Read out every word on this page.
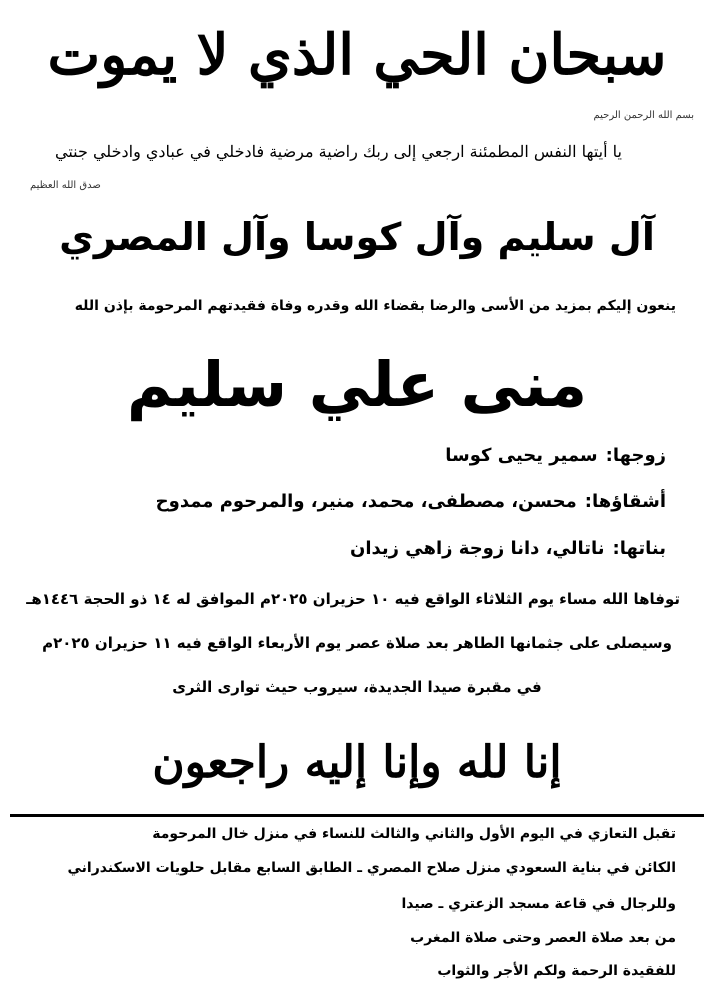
سبحان الحي الذي لا يموت
بسم الله الرحمن الرحيم
يا أيتها النفس المطمئنة ارجعي إلى ربك راضية مرضية فادخلي في عبادي وادخلي جنتي
صدق الله العظيم
آل سليم وآل كوسا وآل المصري
ينعون إليكم بمزيد من الأسى والرضا بقضاء الله وقدره وفاة فقيدتهم المرحومة بإذن الله
منى علي سليم
زوجها:سمير يحيى كوسا
أشقاؤها:محسن، مصطفى، محمد، منير، والمرحوم ممدوح
بناتها:ناتالي، دانا زوجة زاهي زيدان
توفاها الله مساء يوم الثلاثاء الواقع فيه ١٠ حزيران ٢٠٢٥م الموافق له ١٤ ذو الحجة ١٤٤٦هـ
وسيصلى على جثمانها الطاهر بعد صلاة عصر يوم الأربعاء الواقع فيه ١١ حزيران ٢٠٢٥م
في مقبرة صيدا الجديدة، سيروب حيث توارى الثرى
إنا لله وإنا إليه راجعون
تقبل التعازي في اليوم الأول والثاني والثالث للنساء في منزل خال المرحومة
الكائن في بناية السعودي منزل صلاح المصري ـ الطابق السابع مقابل حلويات الاسكندراني
وللرجال في قاعة مسجد الزعتري ـ صيدا
من بعد صلاة العصر وحتى صلاة المغرب
للفقيدة الرحمة ولكم الأجر والثواب
